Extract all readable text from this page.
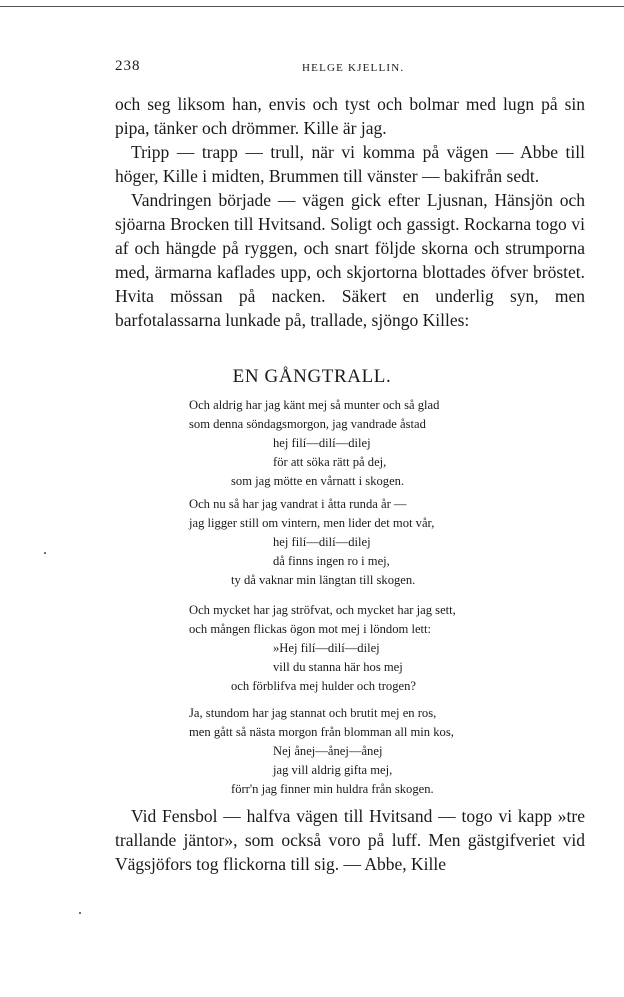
238	HELGE KJELLIN.

och seg liksom han, envis och tyst och bolmar med lugn på sin pipa, tänker och drömmer. Kille är jag.

Tripp — trapp — trull, när vi komma på vägen — Abbe till höger, Kille i midten, Brummen till vänster — bakifrån sedt.

Vandringen började — vägen gick efter Ljusnan, Hänsjön och sjöarna Brocken till Hvitsand. Soligt och gassigt. Rockarna togo vi af och hängde på ryggen, och snart följde skorna och strumporna med, ärmarna kaflades upp, och skjortorna blottades öfver bröstet. Hvita mössan på nacken. Säkert en underlig syn, men barfotalassarna lunkade på, trallade, sjöngo Killes:

EN GÅNGTRALL.
Och aldrig har jag känt mej så munter och så glad
som denna söndagsmorgon, jag vandrade åstad
hej filí—dilí—dilej
för att söka rätt på dej,
som jag mötte en vårnatt i skogen.
Och nu så har jag vandrat i åtta runda år —
jag ligger still om vintern, men lider det mot vår,
hej filí—dilí—dilej
då finns ingen ro i mej,
ty då vaknar min längtan till skogen.
Och mycket har jag ströfvat, och mycket har jag sett,
och mången flickas ögon mot mej i löndom lett:
»Hej filí—dilí—dilej
vill du stanna här hos mej
och förblifva mej hulder och trogen?
Ja, stundom har jag stannat och brutit mej en ros,
men gått så nästa morgon från blomman all min kos,
Nej ånej—ånej—ånej
jag vill aldrig gifta mej,
förr'n jag finner min huldra från skogen.

Vid Fensbol — halfva vägen till Hvitsand — togo vi kapp »tre trallande jäntor», som också voro på luff. Men gästgifveriet vid Vägsjöfors tog flickorna till sig. — Abbe, Kille
